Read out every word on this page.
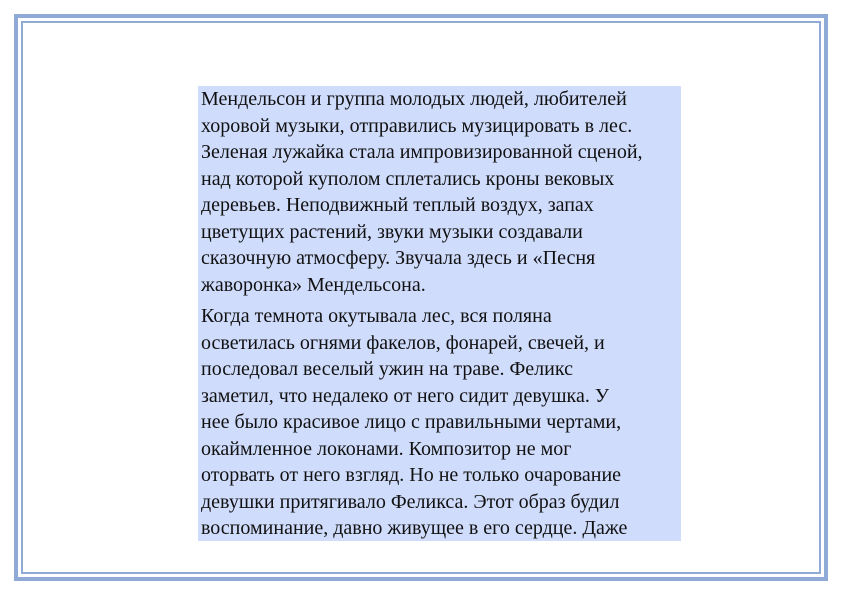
Мендельсон и группа молодых людей, любителей
хоровой музыки, отправились музицировать в лес.
Зеленая лужайка стала импровизированной сценой,
над которой куполом сплетались кроны вековых
деревьев. Неподвижный теплый воздух, запах
цветущих растений, звуки музыки создавали
сказочную атмосферу. Звучала здесь и «Песня
жаворонка» Мендельсона.

Когда темнота окутывала лес, вся поляна
осветилась огнями факелов, фонарей, свечей, и
последовал веселый ужин на траве. Феликс
заметил, что недалеко от него сидит девушка. У
нее было красивое лицо с правильными чертами,
окаймленное локонами. Композитор не мог
оторвать от него взгляд. Но не только очарование
девушки притягивало Феликса. Этот образ будил
воспоминание, давно живущее в его сердце. Даже
